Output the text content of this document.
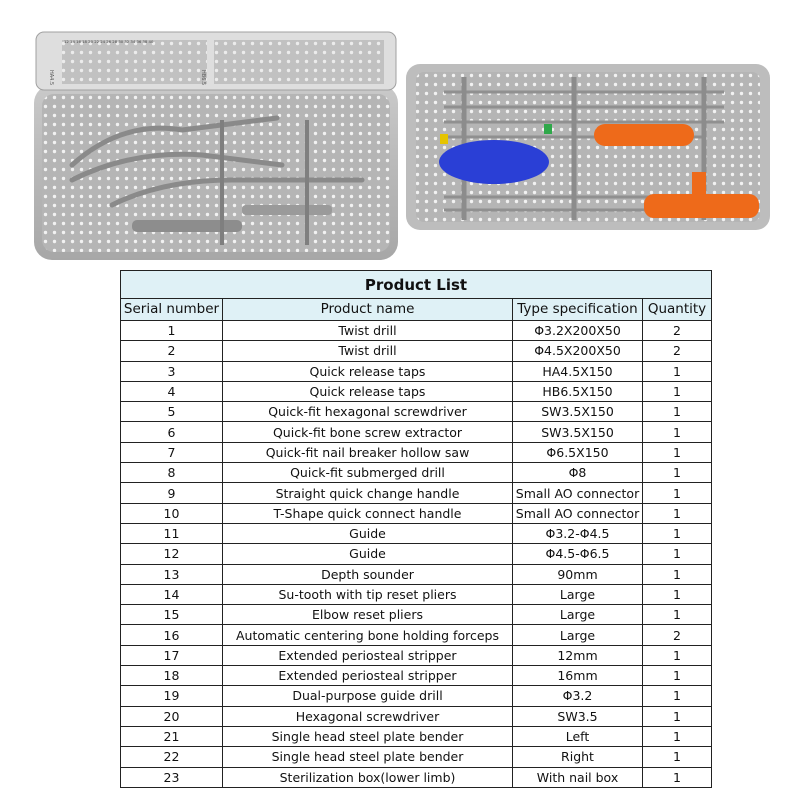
HA4.5	HB6.5
12 14 16 18 20 22 24 26 28 30 32 34 36 38 40
Product List			
Serial number	Product name	Type specification	Quantity
1	Twist drill	Φ3.2X200X50	2
2	Twist drill	Φ4.5X200X50	2
3	Quick release taps	HA4.5X150	1
4	Quick release taps	HB6.5X150	1
5	Quick-fit hexagonal screwdriver	SW3.5X150	1
6	Quick-fit bone screw extractor	SW3.5X150	1
7	Quick-fit nail breaker hollow saw	Φ6.5X150	1
8	Quick-fit submerged drill	Φ8	1
9	Straight quick change handle	Small AO connector	1
10	T-Shape quick connect handle	Small AO connector	1
11	Guide	Φ3.2-Φ4.5	1
12	Guide	Φ4.5-Φ6.5	1
13	Depth sounder	90mm	1
14	Su-tooth with tip reset pliers	Large	1
15	Elbow reset pliers	Large	1
16	Automatic centering bone holding forceps	Large	2
17	Extended periosteal stripper	12mm	1
18	Extended periosteal stripper	16mm	1
19	Dual-purpose guide drill	Φ3.2	1
20	Hexagonal screwdriver	SW3.5	1
21	Single head steel plate bender	Left	1
22	Single head steel plate bender	Right	1
23	Sterilization box(lower limb)	With nail box	1
